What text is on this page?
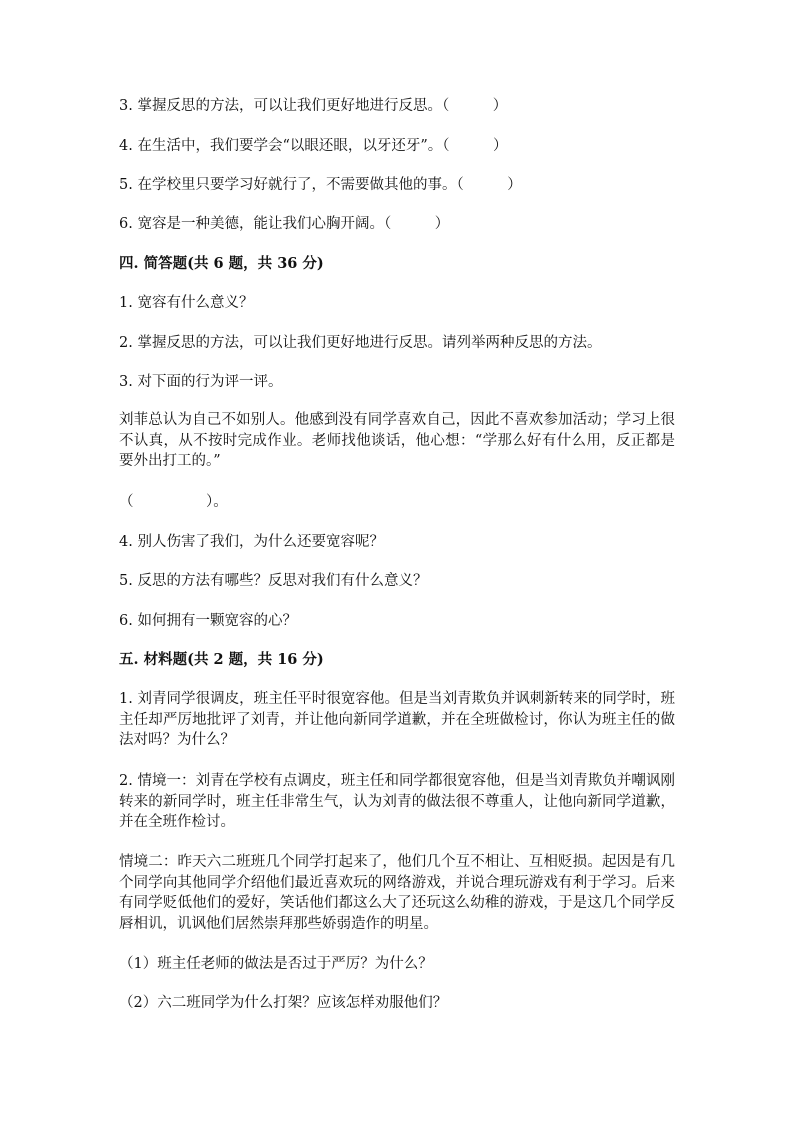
3. 掌握反思的方法，可以让我们更好地进行反思。（　　　）
4. 在生活中，我们要学会“以眼还眼，以牙还牙”。（　　　）
5. 在学校里只要学习好就行了，不需要做其他的事。（　　　）
6. 宽容是一种美德，能让我们心胸开阔。（　　　）
四. 简答题(共 6 题，共 36 分)
1. 宽容有什么意义？
2. 掌握反思的方法，可以让我们更好地进行反思。请列举两种反思的方法。
3. 对下面的行为评一评。
刘菲总认为自己不如别人。他感到没有同学喜欢自己，因此不喜欢参加活动；学习上很不认真，从不按时完成作业。老师找他谈话，他心想：“学那么好有什么用，反正都是要外出打工的。”
（　　　　　）。
4. 别人伤害了我们，为什么还要宽容呢？
5. 反思的方法有哪些？反思对我们有什么意义？
6. 如何拥有一颗宽容的心？
五. 材料题(共 2 题，共 16 分)
1. 刘青同学很调皮，班主任平时很宽容他。但是当刘青欺负并讽刺新转来的同学时，班主任却严厉地批评了刘青，并让他向新同学道歉，并在全班做检讨，你认为班主任的做法对吗？为什么？
2. 情境一：刘青在学校有点调皮，班主任和同学都很宽容他，但是当刘青欺负并嘲讽刚转来的新同学时，班主任非常生气，认为刘青的做法很不尊重人，让他向新同学道歉，并在全班作检讨。
情境二：昨天六二班班几个同学打起来了，他们几个互不相让、互相贬损。起因是有几个同学向其他同学介绍他们最近喜欢玩的网络游戏，并说合理玩游戏有利于学习。后来有同学贬低他们的爱好，笑话他们都这么大了还玩这么幼稚的游戏，于是这几个同学反唇相讥，讥讽他们居然崇拜那些娇弱造作的明星。
（1）班主任老师的做法是否过于严厉？为什么？
（2）六二班同学为什么打架？应该怎样劝服他们？
